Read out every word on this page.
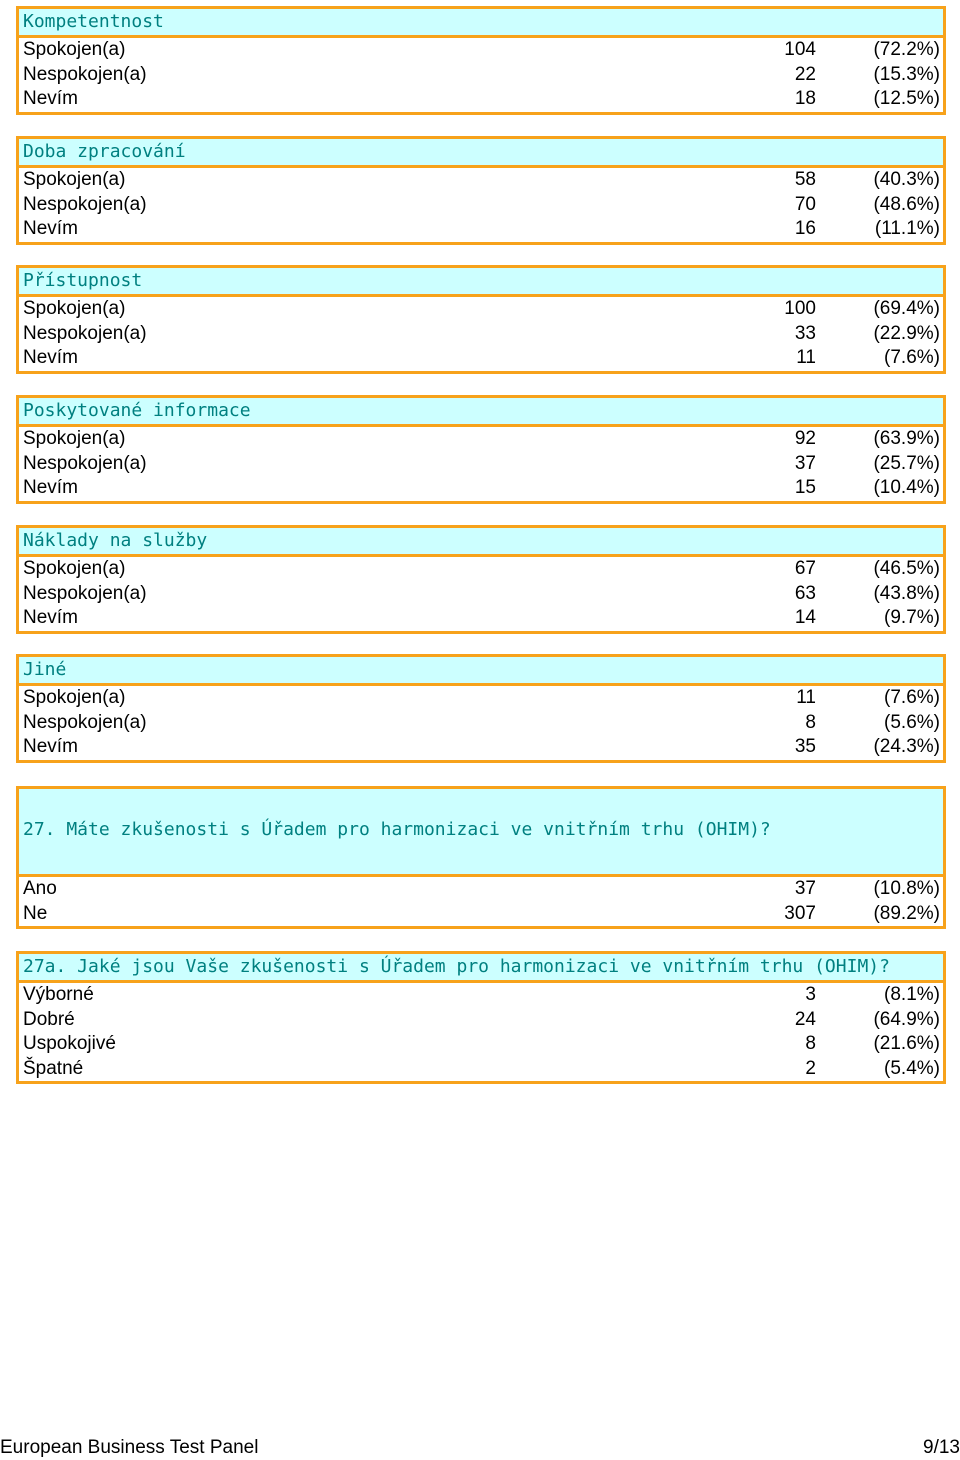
Kompetentnost
Spokojen(a)	104	(72.2%)
Nespokojen(a)	22	(15.3%)
Nevím	18	(12.5%)
Doba zpracování
Spokojen(a)	58	(40.3%)
Nespokojen(a)	70	(48.6%)
Nevím	16	(11.1%)
Přístupnost
Spokojen(a)	100	(69.4%)
Nespokojen(a)	33	(22.9%)
Nevím	11	(7.6%)
Poskytované informace
Spokojen(a)	92	(63.9%)
Nespokojen(a)	37	(25.7%)
Nevím	15	(10.4%)
Náklady na služby
Spokojen(a)	67	(46.5%)
Nespokojen(a)	63	(43.8%)
Nevím	14	(9.7%)
Jiné
Spokojen(a)	11	(7.6%)
Nespokojen(a)	8	(5.6%)
Nevím	35	(24.3%)
27. Máte zkušenosti s Úřadem pro harmonizaci ve vnitřním trhu (OHIM)?
Ano	37	(10.8%)
Ne	307	(89.2%)
27a. Jaké jsou Vaše zkušenosti s Úřadem pro harmonizaci ve vnitřním trhu (OHIM)?
Výborné	3	(8.1%)
Dobré	24	(64.9%)
Uspokojivé	8	(21.6%)
Špatné	2	(5.4%)
European Business Test Panel	9/13
